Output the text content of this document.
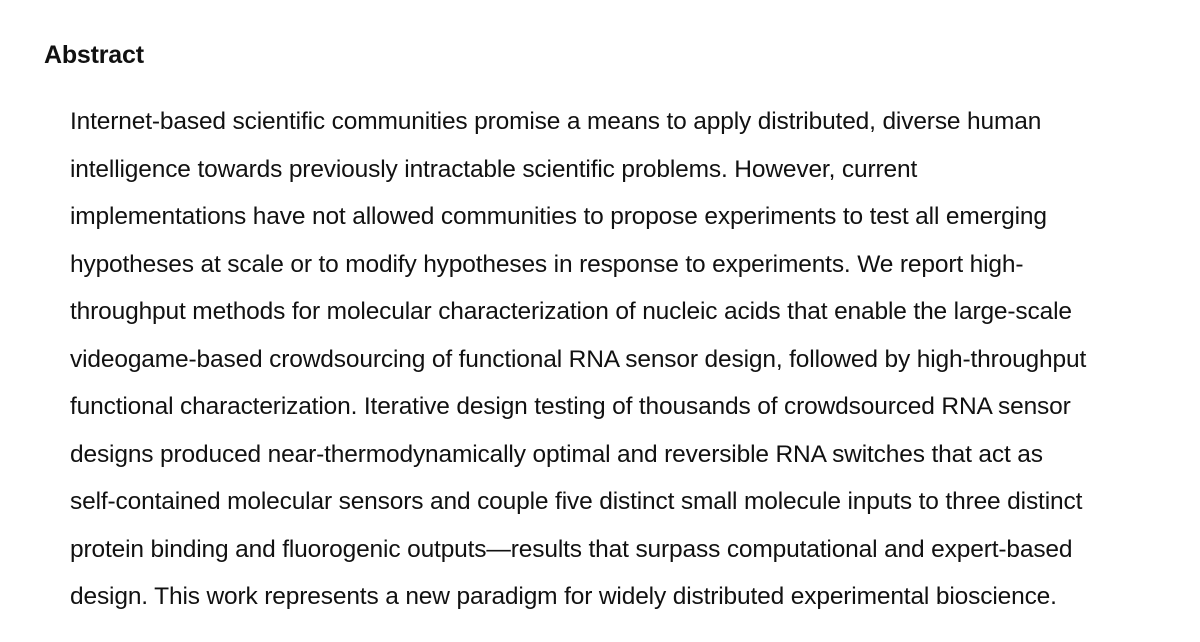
Abstract
Internet-based scientific communities promise a means to apply distributed, diverse human
intelligence towards previously intractable scientific problems. However, current
implementations have not allowed communities to propose experiments to test all emerging
hypotheses at scale or to modify hypotheses in response to experiments. We report high-
throughput methods for molecular characterization of nucleic acids that enable the large-scale
videogame-based crowdsourcing of functional RNA sensor design, followed by high-throughput
functional characterization. Iterative design testing of thousands of crowdsourced RNA sensor
designs produced near-thermodynamically optimal and reversible RNA switches that act as
self-contained molecular sensors and couple five distinct small molecule inputs to three distinct
protein binding and fluorogenic outputs—results that surpass computational and expert-based
design. This work represents a new paradigm for widely distributed experimental bioscience.
